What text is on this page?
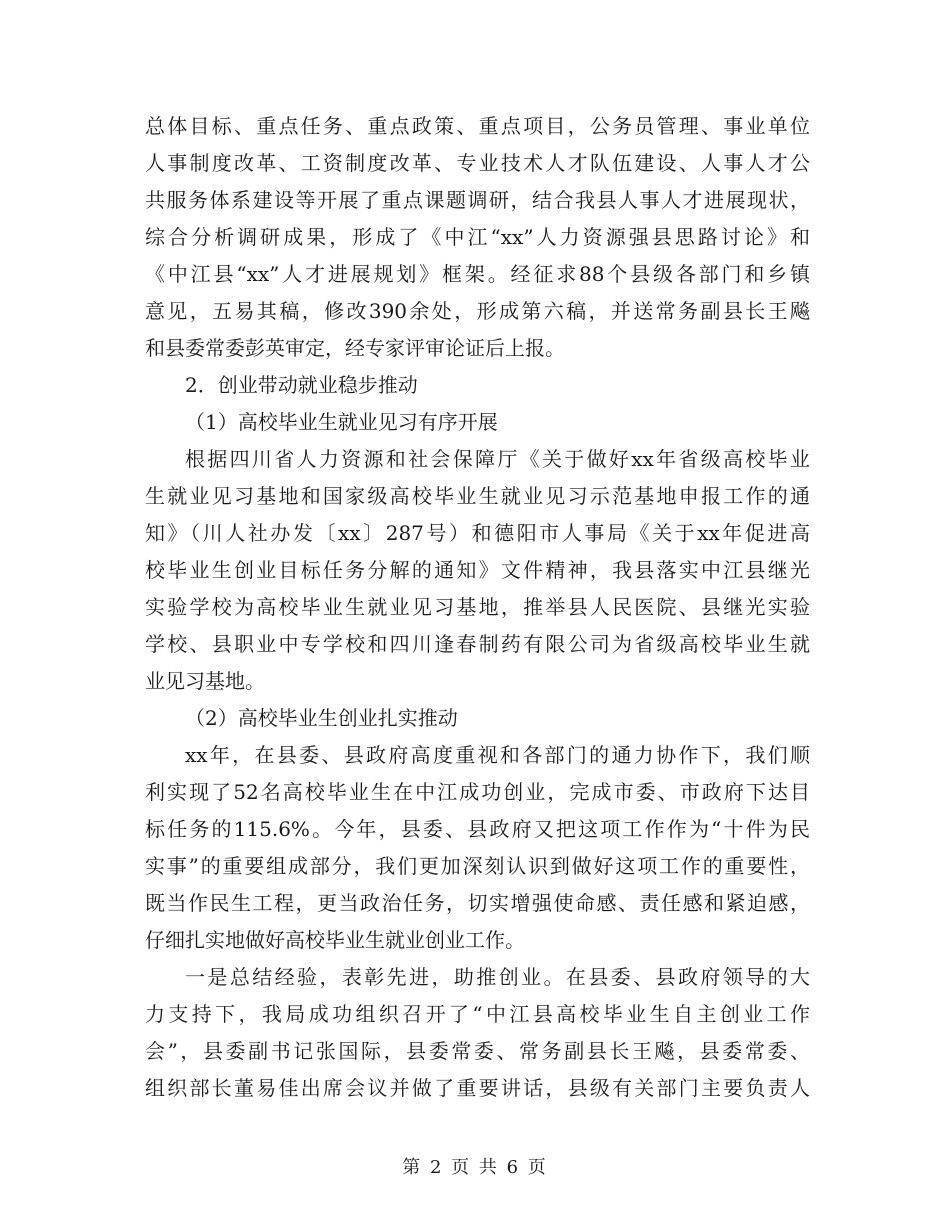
总体目标、重点任务、重点政策、重点项目，公务员管理、事业单位
人事制度改革、工资制度改革、专业技术人才队伍建设、人事人才公
共服务体系建设等开展了重点课题调研，结合我县人事人才进展现状，
综合分析调研成果，形成了《中江“xx”人力资源强县思路讨论》和
《中江县“xx”人才进展规划》框架。经征求88个县级各部门和乡镇
意见，五易其稿，修改390余处，形成第六稿，并送常务副县长王飚
和县委常委彭英审定，经专家评审论证后上报。
2．创业带动就业稳步推动
（1）高校毕业生就业见习有序开展
根据四川省人力资源和社会保障厅《关于做好xx年省级高校毕业
生就业见习基地和国家级高校毕业生就业见习示范基地申报工作的通
知》（川人社办发〔xx〕287号）和德阳市人事局《关于xx年促进高
校毕业生创业目标任务分解的通知》文件精神，我县落实中江县继光
实验学校为高校毕业生就业见习基地，推举县人民医院、县继光实验
学校、县职业中专学校和四川逢春制药有限公司为省级高校毕业生就
业见习基地。
（2）高校毕业生创业扎实推动
xx年，在县委、县政府高度重视和各部门的通力协作下，我们顺
利实现了52名高校毕业生在中江成功创业，完成市委、市政府下达目
标任务的115.6%。今年，县委、县政府又把这项工作作为“十件为民
实事”的重要组成部分，我们更加深刻认识到做好这项工作的重要性，
既当作民生工程，更当政治任务，切实增强使命感、责任感和紧迫感，
仔细扎实地做好高校毕业生就业创业工作。
一是总结经验，表彰先进，助推创业。在县委、县政府领导的大
力支持下，我局成功组织召开了“中江县高校毕业生自主创业工作
会”，县委副书记张国际，县委常委、常务副县长王飚，县委常委、
组织部长董易佳出席会议并做了重要讲话，县级有关部门主要负责人
第 2 页 共 6 页
